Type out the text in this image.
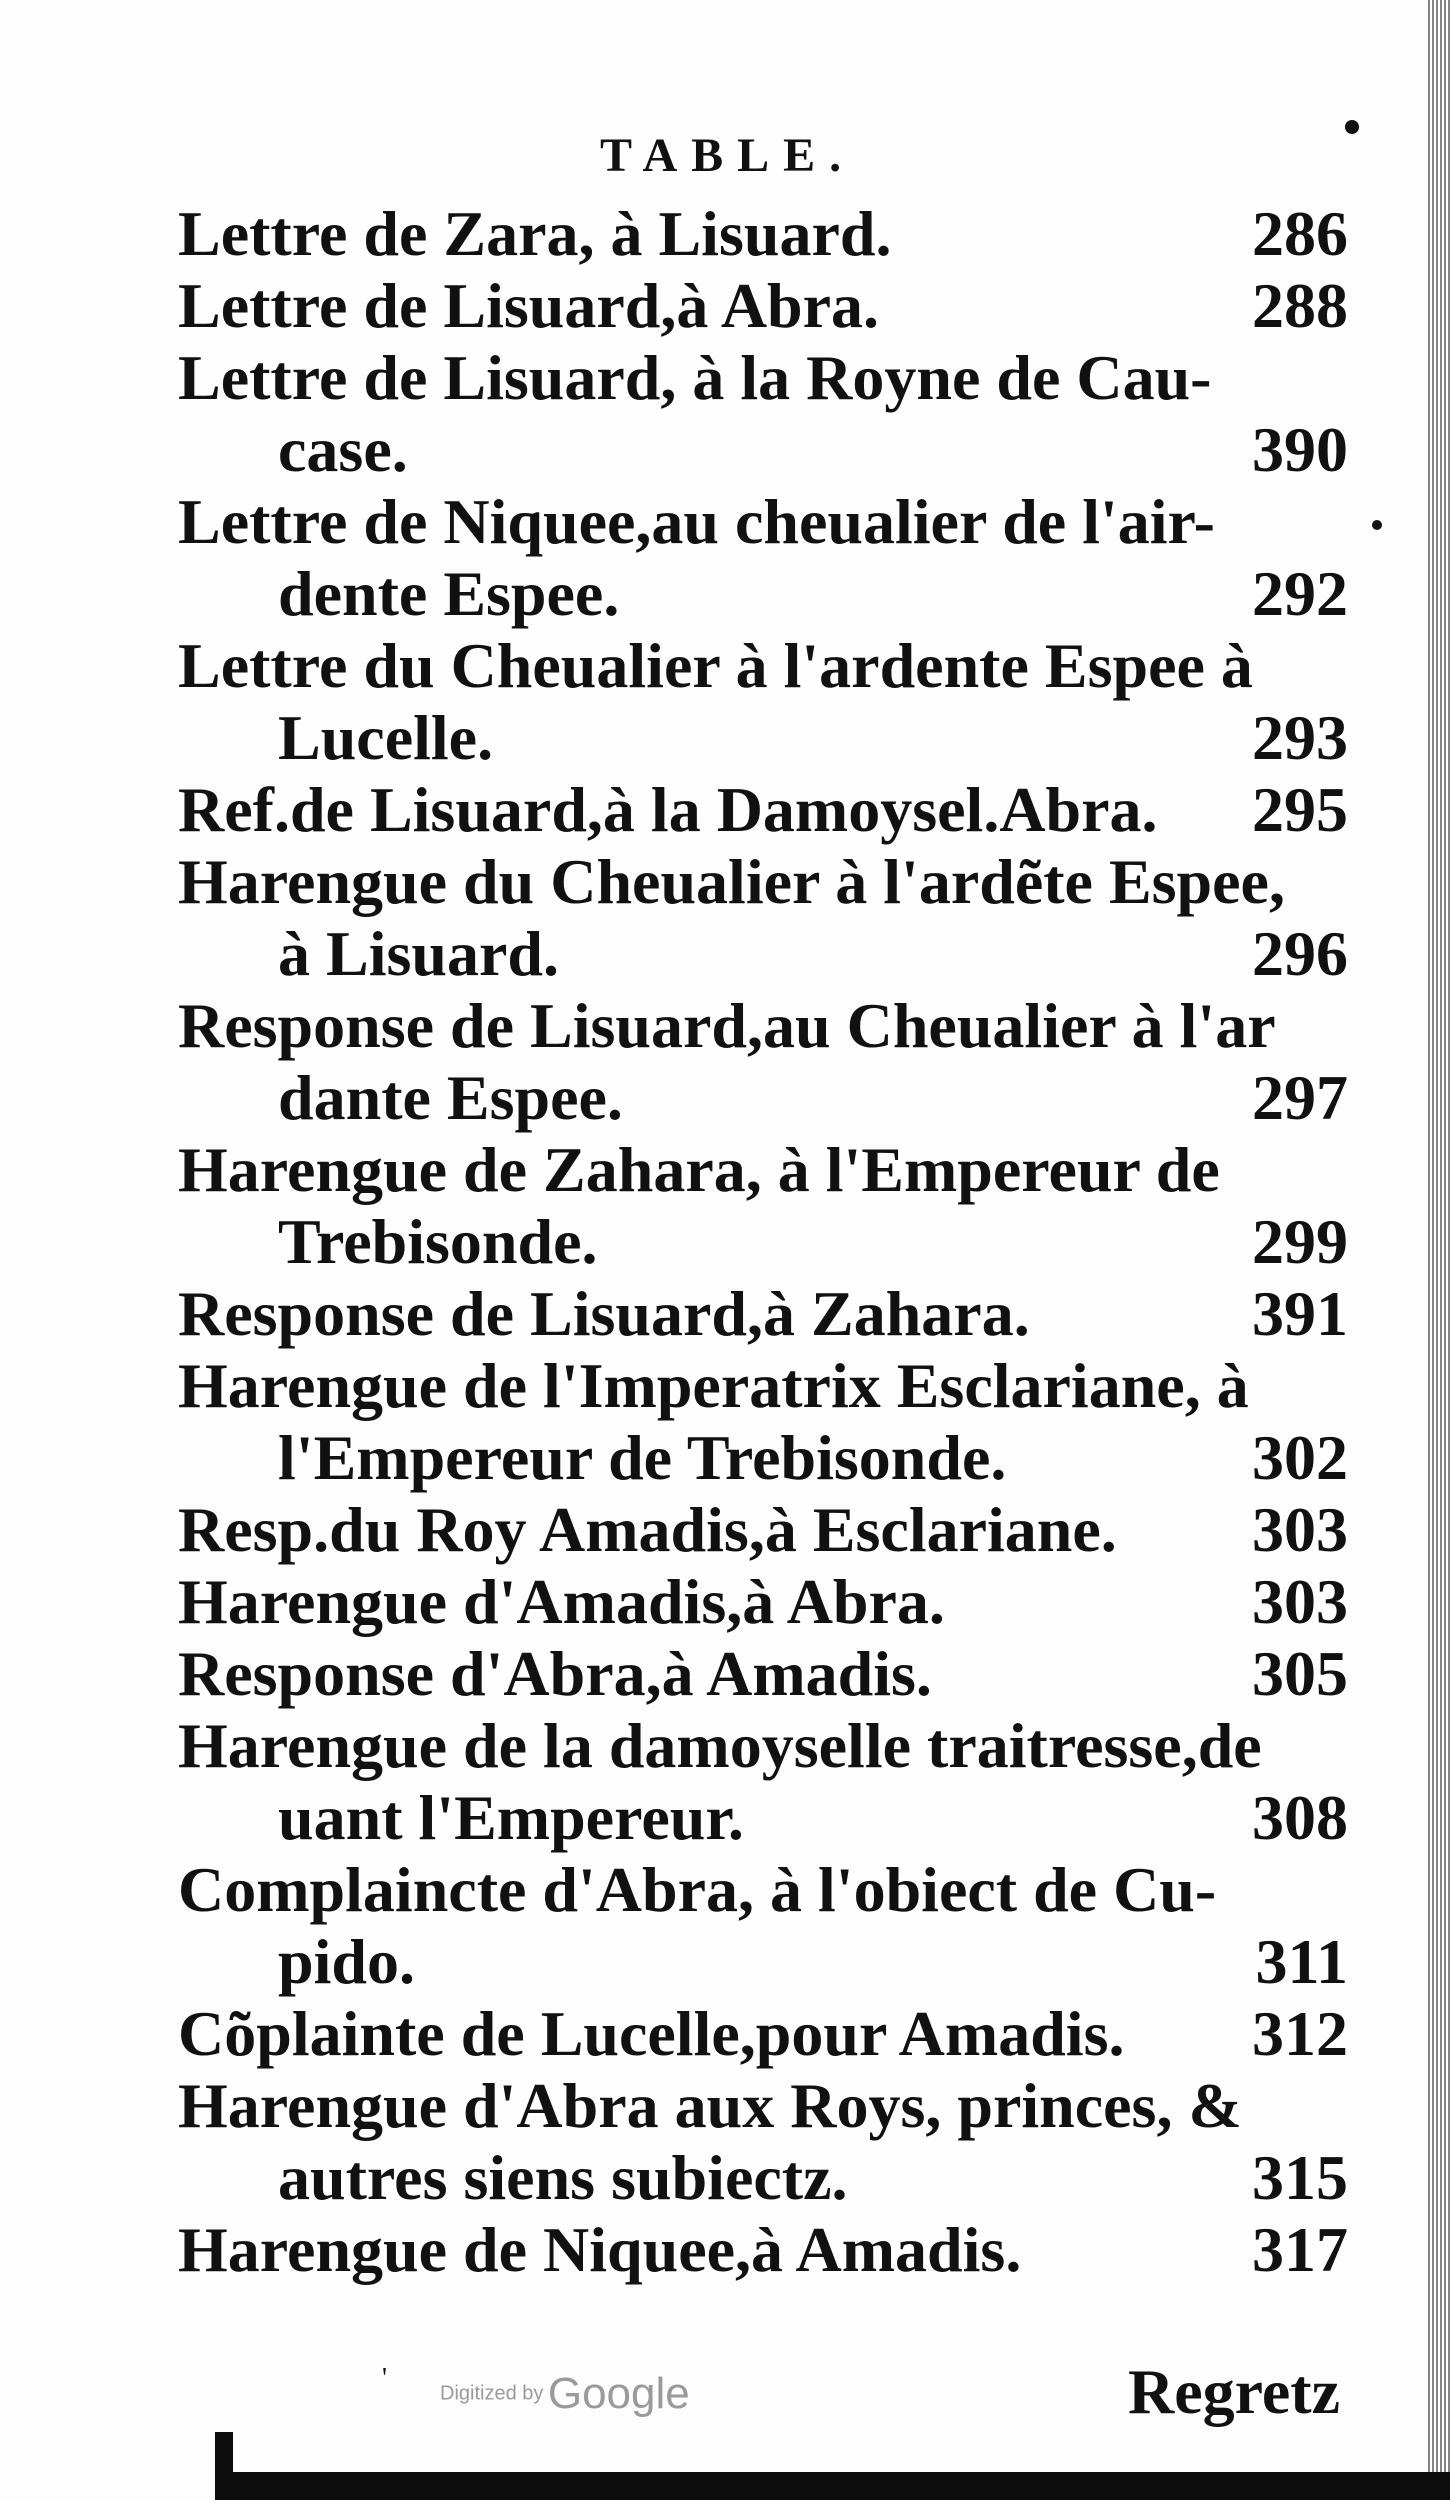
TABLE.
Lettre de Zara, à Lisuard.	286
Lettre de Lisuard,à Abra.	288
Lettre de Lisuard, à la Royne de Cau-
case.	390
Lettre de Niquee,au cheualier de l'air-
dente Espee.	292
Lettre du Cheualier à l'ardente Espee à
Lucelle.	293
Ref.de Lisuard,à la Damoysel.Abra.	295
Harengue du Cheualier à l'ardẽte Espee,
à Lisuard.	296
Response de Lisuard,au Cheualier à l'ar
dante Espee.	297
Harengue de Zahara, à l'Empereur de
Trebisonde.	299
Response de Lisuard,à Zahara.	391
Harengue de l'Imperatrix Esclariane, à
l'Empereur de Trebisonde.	302
Resp.du Roy Amadis,à Esclariane.	303
Harengue d'Amadis,à Abra.	303
Response d'Abra,à Amadis.	305
Harengue de la damoyselle traitresse,de
uant l'Empereur.	308
Complaincte d'Abra, à l'obiect de Cu-
pido.	311
Cõplainte de Lucelle,pour Amadis.	312
Harengue d'Abra aux Roys, princes, &
autres siens subiectz.	315
Harengue de Niquee,à Amadis.	317
'	Digitized by Google	Regretz
